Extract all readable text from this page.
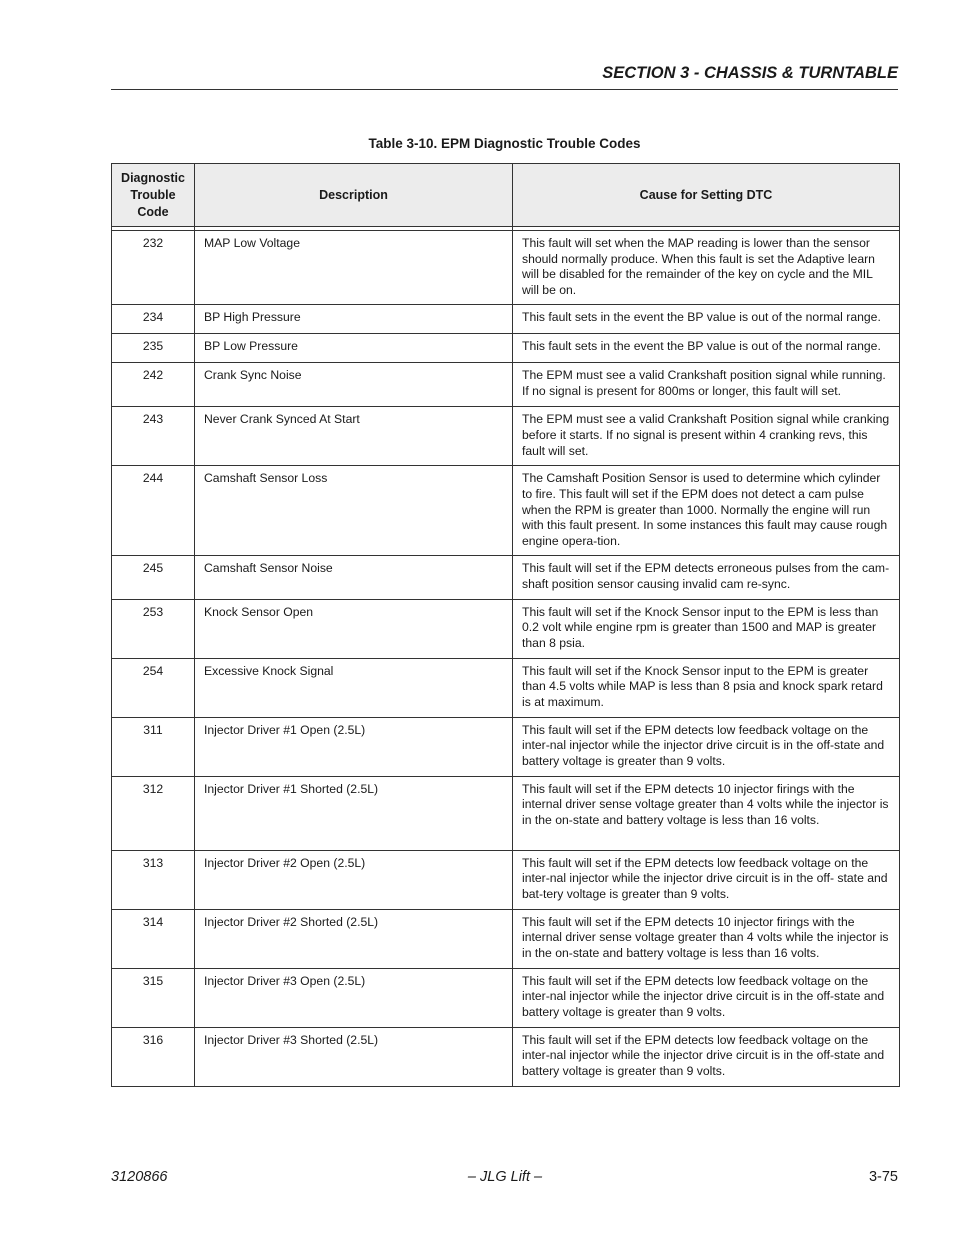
SECTION 3 - CHASSIS & TURNTABLE
Table 3-10. EPM Diagnostic Trouble Codes
Diagnostic Trouble Code	Description	Cause for Setting DTC

232	MAP Low Voltage	This fault will set when the MAP reading is lower than the sensor should normally produce. When this fault is set the Adaptive learn will be disabled for the remainder of the key on cycle and the MIL will be on.
234	BP High Pressure	This fault sets in the event the BP value is out of the normal range.
235	BP Low Pressure	This fault sets in the event the BP value is out of the normal range.
242	Crank Sync Noise	The EPM must see a valid Crankshaft position signal while running. If no signal is present for 800ms or longer, this fault will set.
243	Never Crank Synced At Start	The EPM must see a valid Crankshaft Position signal while cranking before it starts. If no signal is present within 4 cranking revs, this fault will set.
244	Camshaft Sensor Loss	The Camshaft Position Sensor is used to determine which cylinder to fire. This fault will set if the EPM does not detect a cam pulse when the RPM is greater than 1000. Normally the engine will run with this fault present. In some instances this fault may cause rough engine opera-tion.
245	Camshaft Sensor Noise	This fault will set if the EPM detects erroneous pulses from the cam-shaft position sensor causing invalid cam re-sync.
253	Knock Sensor Open	This fault will set if the Knock Sensor input to the EPM is less than 0.2 volt while engine rpm is greater than 1500 and MAP is greater than 8 psia.
254	Excessive Knock Signal	This fault will set if the Knock Sensor input to the EPM is greater than 4.5 volts while MAP is less than 8 psia and knock spark retard is at maximum.
311	Injector Driver #1 Open (2.5L)	This fault will set if the EPM detects low feedback voltage on the inter-nal injector while the injector drive circuit is in the off-state and battery voltage is greater than 9 volts.
312	Injector Driver #1 Shorted (2.5L)	This fault will set if the EPM detects 10 injector firings with the internal driver sense voltage greater than 4 volts while the injector is in the on-state and battery voltage is less than 16 volts.
313	Injector Driver #2 Open (2.5L)	This fault will set if the EPM detects low feedback voltage on the inter-nal injector while the injector drive circuit is in the off- state and bat-tery voltage is greater than 9 volts.
314	Injector Driver #2 Shorted (2.5L)	This fault will set if the EPM detects 10 injector firings with the internal driver sense voltage greater than 4 volts while the injector is in the on-state and battery voltage is less than 16 volts.
315	Injector Driver #3 Open (2.5L)	This fault will set if the EPM detects low feedback voltage on the inter-nal injector while the injector drive circuit is in the off-state and battery voltage is greater than 9 volts.
316	Injector Driver #3 Shorted (2.5L)	This fault will set if the EPM detects low feedback voltage on the inter-nal injector while the injector drive circuit is in the off-state and battery voltage is greater than 9 volts.
3120866	– JLG Lift –	3-75
